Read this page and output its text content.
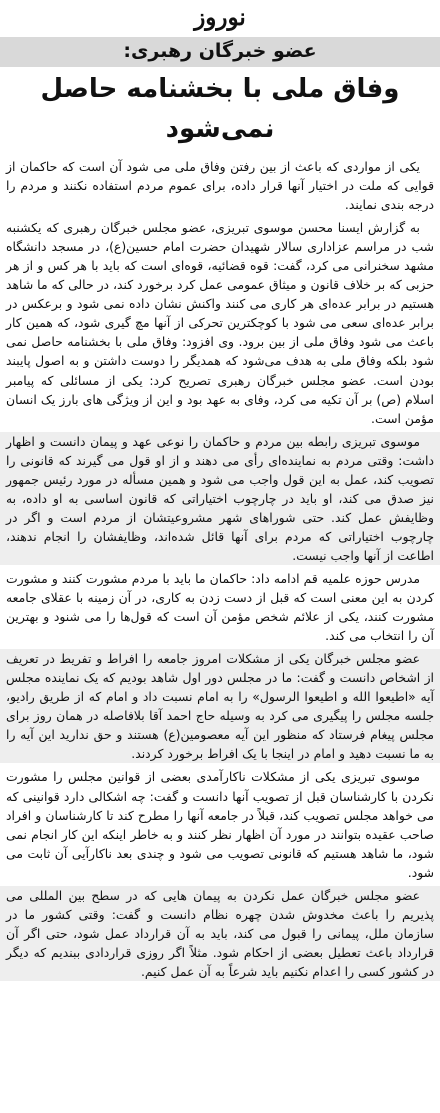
نوروز
عضو خبرگان رهبری:
وفاق ملی با بخشنامه حاصل نمی‌شود

یکی از مواردی که باعث از بین رفتن وفاق ملی می شود آن است که حاکمان از قوایی که ملت در اختیار آنها قرار داده، برای عموم مردم استفاده نکنند و مردم را درجه بندی نمایند.

به گزارش ایسنا محسن موسوی تبریزی، عضو مجلس خبرگان رهبری که یکشنبه شب در مراسم عزاداری سالار شهیدان حضرت امام حسین(ع)، در مسجد دانشگاه مشهد سخنرانی می کرد، گفت: قوه قضائیه، قوه‌ای است که باید با هر کس و از هر حزبی که بر خلاف قانون و میثاق عمومی عمل کرد برخورد کند، در حالی که ما شاهد هستیم در برابر عده‌ای هر کاری می کنند واکنش نشان داده نمی شود و برعکس در برابر عده‌ای سعی می شود با کوچکترین تحرکی از آنها مچ گیری شود، که همین کار باعث می شود وفاق ملی از بین برود. وی افزود: وفاق ملی با بخشنامه حاصل نمی شود بلکه وفاق ملی به هدف می‌شود که همدیگر را دوست داشتن و به اصول پایبند بودن است. عضو مجلس خبرگان رهبری تصریح کرد: یکی از مسائلی که پیامبر اسلام (ص) بر آن تکیه می کرد، وفای به عهد بود و این از ویژگی های بارز یک انسان مؤمن است.

موسوی تبریزی رابطه بین مردم و حاکمان را نوعی عهد و پیمان دانست و اظهار داشت: وقتی مردم به نماینده‌ای رأی می دهند و از او قول می گیرند که قانونی را تصویب کند، عمل به این قول واجب می شود و همین مسأله در مورد رئیس جمهور نیز صدق می کند، او باید در چارچوب اختیاراتی که قانون اساسی به او داده، به وظایفش عمل کند. حتی شوراهای شهر مشروعیتشان از مردم است و اگر در چارچوب اختیاراتی که مردم برای آنها قائل شده‌اند، وظایفشان را انجام ندهند، اطاعت از آنها واجب نیست.

مدرس حوزه علمیه قم ادامه داد: حاکمان ما باید با مردم مشورت کنند و مشورت کردن به این معنی است که قبل از دست زدن به کاری، در آن زمینه با عقلای جامعه مشورت کنند، یکی از علائم شخص مؤمن آن است که قول‌ها را می شنود و بهترین آن را انتخاب می کند.

عضو مجلس خبرگان یکی از مشکلات امروز جامعه را افراط و تفریط در تعریف از اشخاص دانست و گفت: ما در مجلس دور اول شاهد بودیم که یک نماینده مجلس آیه «اطیعوا الله و اطیعوا الرسول» را به امام نسبت داد و امام که از طریق رادیو، جلسه مجلس را پیگیری می کرد به وسیله حاج احمد آقا بلافاصله در همان روز برای مجلس پیغام فرستاد که منظور این آیه معصومین(ع) هستند و حق ندارید این آیه را به ما نسبت دهید و امام در اینجا با یک افراط برخورد کردند.

موسوی تبریزی یکی از مشکلات ناکارآمدی بعضی از قوانین مجلس را مشورت نکردن با کارشناسان قبل از تصویب آنها دانست و گفت: چه اشکالی دارد قوانینی که می خواهد مجلس تصویب کند، قبلاً در جامعه آنها را مطرح کند تا کارشناسان و افراد صاحب عقیده بتوانند در مورد آن اظهار نظر کنند و به خاطر اینکه این کار انجام نمی شود، ما شاهد هستیم که قانونی تصویب می شود و چندی بعد ناکارآیی آن ثابت می شود.

عضو مجلس خبرگان عمل نکردن به پیمان هایی که در سطح بین المللی می پذیریم را باعث مخدوش شدن چهره نظام دانست و گفت: وقتی کشور ما در سازمان ملل، پیمانی را قبول می کند، باید به آن قرارداد عمل شود، حتی اگر آن قرارداد باعث تعطیل بعضی از احکام شود. مثلاً اگر روزی قراردادی ببندیم که دیگر در کشور کسی را اعدام نکنیم باید شرعاً به آن عمل کنیم.
